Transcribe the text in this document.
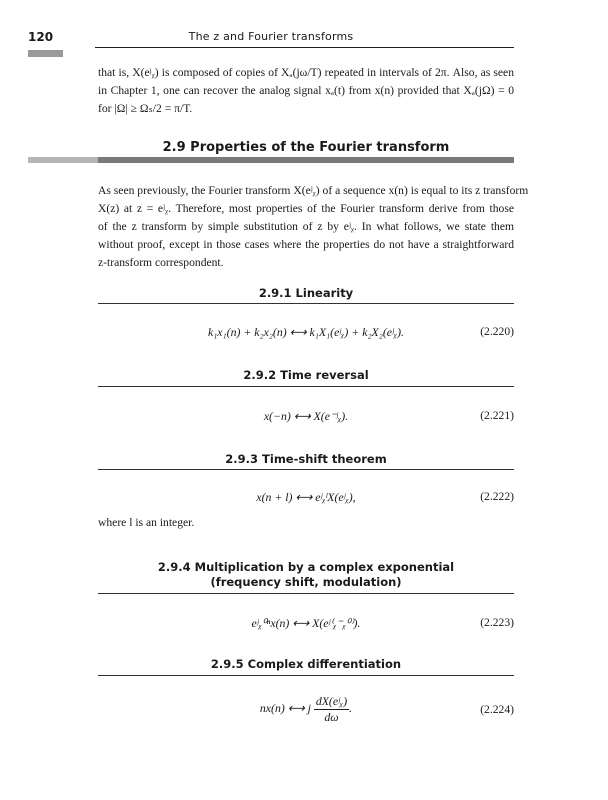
120	The z and Fourier transforms
that is, X(eʲᵪ) is composed of copies of Xₐ(jω/T) repeated in intervals of 2π. Also, as seen
in Chapter 1, one can recover the analog signal xₐ(t) from x(n) provided that Xₐ(jΩ) = 0
for |Ω| ≥ Ωₛ/2 = π/T.
2.9 Properties of the Fourier transform
As seen previously, the Fourier transform X(eʲᵪ) of a sequence x(n) is equal to its z transform
X(z) at z = eʲᵪ. Therefore, most properties of the Fourier transform derive from those
of the z transform by simple substitution of z by eʲᵪ. In what follows, we state them
without proof, except in those cases where the properties do not have a straightforward
z-transform correspondent.
2.9.1 Linearity
k₁x₁(n) + k₂x₂(n) ⟷ k₁X₁(eʲᵪ) + k₂X₂(eʲᵪ).	(2.220)
2.9.2 Time reversal
x(−n) ⟷ X(e⁻ʲᵪ).	(2.221)
2.9.3 Time-shift theorem
x(n + l) ⟷ eʲᵪˡX(eʲᵪ),	(2.222)
where l is an integer.
2.9.4 Multiplication by a complex exponential
(frequency shift, modulation)
eʲᵪ⁰ⁿx(n) ⟷ X(eʲ⁽ᵪ⁻ᵪ⁰⁾).	(2.223)
2.9.5 Complex differentiation
nx(n) ⟷ j $\frac{\text{dX(eʲᵪ)}}{d\omega}$ .	(2.224)
